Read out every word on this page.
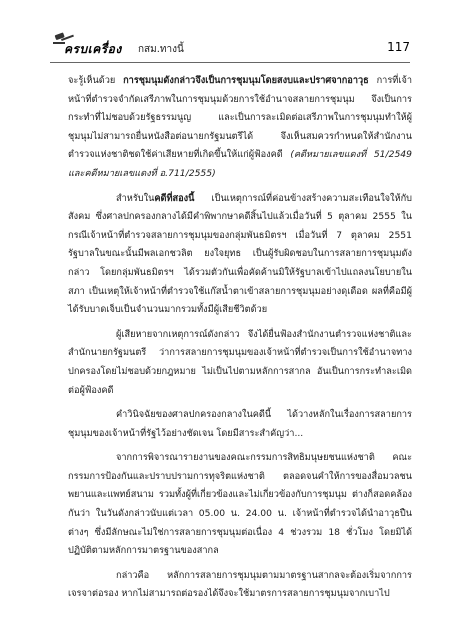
ครบเครื่อง กสม.ทางนี้	117

จะรู้เห็นด้วย การชุมนุมดังกล่าวจึงเป็นการชุมนุมโดยสงบและปราศจากอาวุธ การที่เจ้าหน้าที่ตำรวจจำกัดเสรีภาพในการชุมนุมด้วยการใช้อำนาจสลายการชุมนุม จึงเป็นการกระทำที่ไม่ชอบด้วยรัฐธรรมนูญ และเป็นการละเมิดต่อเสรีภาพในการชุมนุมทำให้ผู้ชุมนุมไม่สามารถยื่นหนังสือต่อนายกรัฐมนตรีได้ จึงเห็นสมควรกำหนดให้สำนักงานตำรวจแห่งชาติชดใช้ค่าเสียหายที่เกิดขึ้นให้แก่ผู้ฟ้องคดี (คดีหมายเลขแดงที่ 51/2549 และคดีหมายเลขแดงที่ อ.711/2555)

สำหรับในคดีที่สองนี้ เป็นเหตุการณ์ที่ค่อนข้างสร้างความสะเทือนใจให้กับสังคม ซึ่งศาลปกครองกลางได้มีคำพิพากษาคดีสิ้นไปแล้วเมื่อวันที่ 5 ตุลาคม 2555 ในกรณีเจ้าหน้าที่ตำรวจสลายการชุมนุมของกลุ่มพันธมิตรฯ เมื่อวันที่ 7 ตุลาคม 2551 รัฐบาลในขณะนั้นมีพลเอกชวลิต ยงใจยุทธ เป็นผู้รับผิดชอบในการสลายการชุมนุมดังกล่าว โดยกลุ่มพันธมิตรฯ ได้รวมตัวกันเพื่อคัดค้านมิให้รัฐบาลเข้าไปแถลงนโยบายในสภา เป็นเหตุให้เจ้าหน้าที่ตำรวจใช้แก๊สน้ำตาเข้าสลายการชุมนุมอย่างดุเดือด ผลที่คือมีผู้ได้รับบาดเจ็บเป็นจำนวนมากรวมทั้งมีผู้เสียชีวิตด้วย

ผู้เสียหายจากเหตุการณ์ดังกล่าว จึงได้ยื่นฟ้องสำนักงานตำรวจแห่งชาติและสำนักนายกรัฐมนตรี ว่าการสลายการชุมนุมของเจ้าหน้าที่ตำรวจเป็นการใช้อำนาจทางปกครองโดยไม่ชอบด้วยกฎหมาย ไม่เป็นไปตามหลักการสากล อันเป็นการกระทำละเมิดต่อผู้ฟ้องคดี

คำวินิจฉัยของศาลปกครองกลางในคดีนี้ ได้วางหลักในเรื่องการสลายการชุมนุมของเจ้าหน้าที่รัฐไว้อย่างชัดเจน โดยมีสาระสำคัญว่า...

จากการพิจารณารายงานของคณะกรรมการสิทธิมนุษยชนแห่งชาติ คณะกรรมการป้องกันและปราบปรามการทุจริตแห่งชาติ ตลอดจนคำให้การของสื่อมวลชนพยานและแพทย์สนาม รวมทั้งผู้ที่เกี่ยวข้องและไม่เกี่ยวข้องกับการชุมนุม ต่างก็สอดคล้องกันว่า ในวันดังกล่าวนับแต่เวลา 05.00 น. 24.00 น. เจ้าหน้าที่ตำรวจได้นำอาวุธปืนต่างๆ ซึ่งมีลักษณะไม่ใช่การสลายการชุมนุมต่อเนื่อง 4 ช่วงรวม 18 ชั่วโมง โดยมิได้ปฏิบัติตามหลักการมาตรฐานของสากล

กล่าวคือ หลักการสลายการชุมนุมตามมาตรฐานสากลจะต้องเริ่มจากการเจรจาต่อรอง หากไม่สามารถต่อรองได้จึงจะใช้มาตรการสลายการชุมนุมจากเบาไป
